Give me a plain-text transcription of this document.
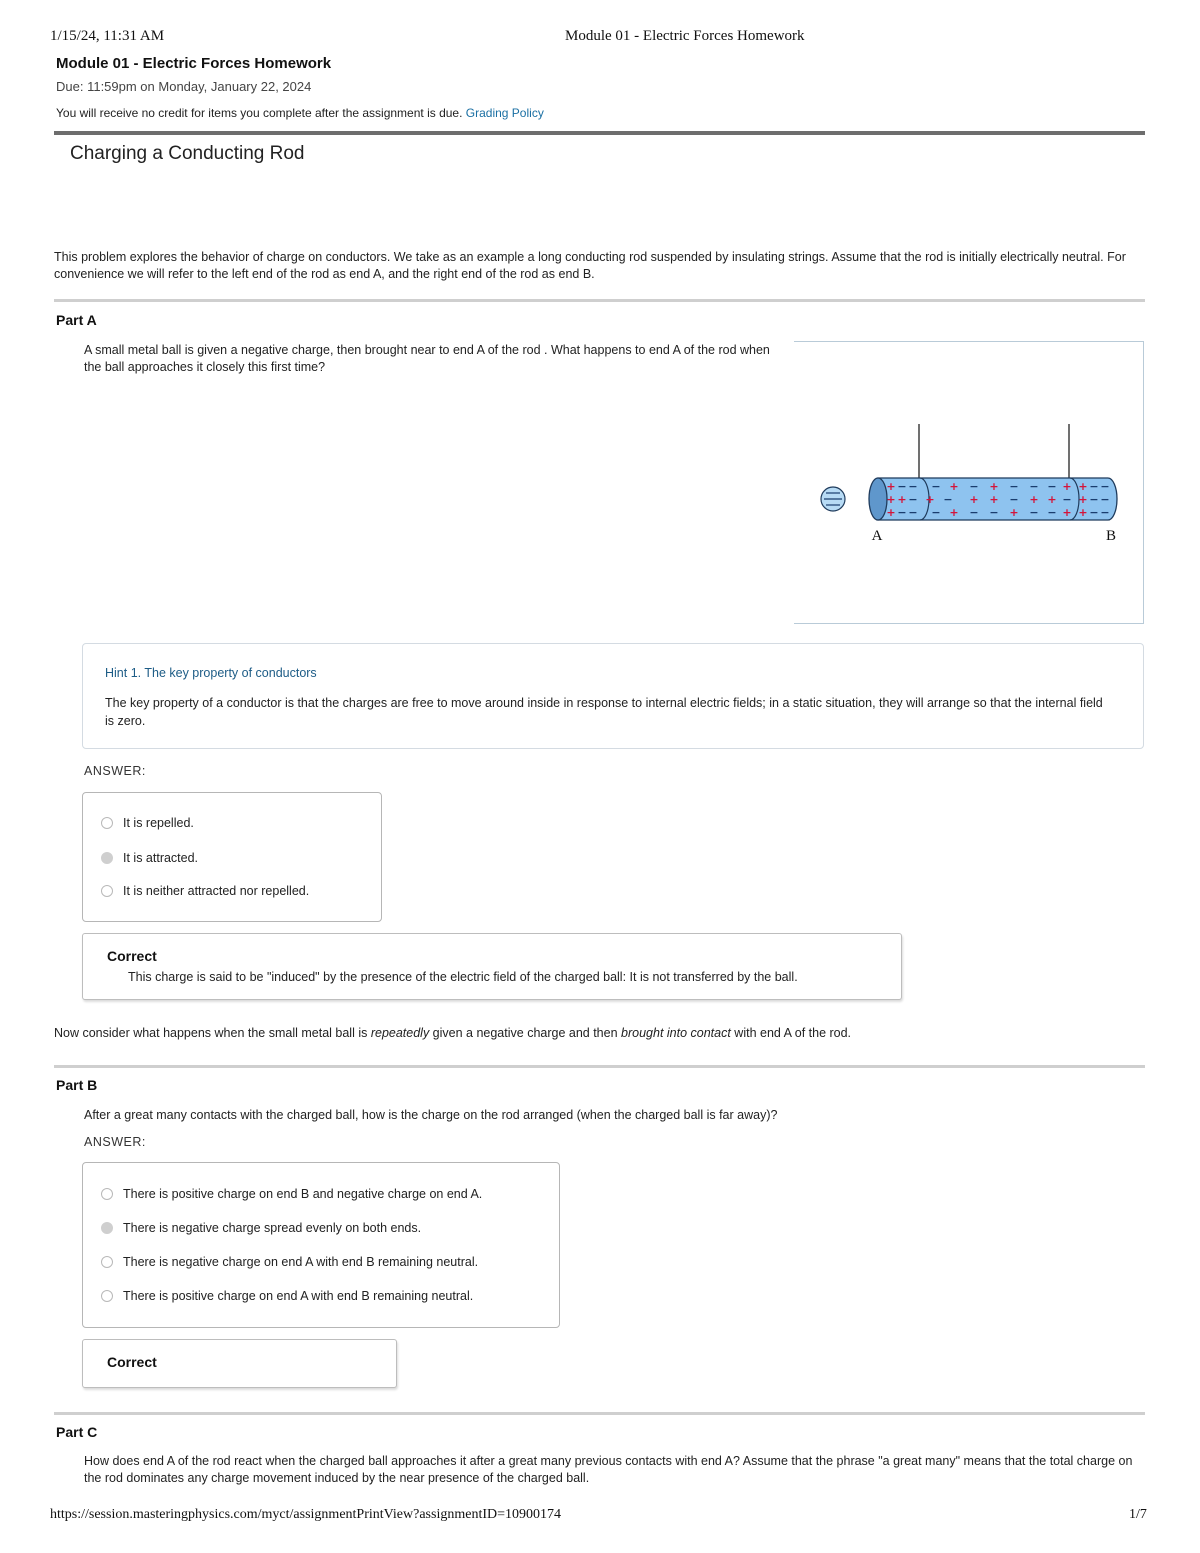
1/15/24, 11:31 AM	Module 01 - Electric Forces Homework
Module 01 - Electric Forces Homework
Due: 11:59pm on Monday, January 22, 2024
You will receive no credit for items you complete after the assignment is due. Grading Policy
Charging a Conducting Rod
This problem explores the behavior of charge on conductors. We take as an example a long conducting rod suspended by insulating strings. Assume that the rod is initially electrically neutral. For convenience we will refer to the left end of the rod as end A, and the right end of the rod as end B.
Part A
A small metal ball is given a negative charge, then brought near to end A of the rod . What happens to end A of the rod when the ball approaches it closely this first time?
+ − −
+ + −
+ − −
− + − + − − − +
+ − + + − + + −
− + − − + − − +
+ − −
+ − −
+ − −
A	B
Hint 1. The key property of conductors
The key property of a conductor is that the charges are free to move around inside in response to internal electric fields; in a static situation, they will arrange so that the internal field is zero.
ANSWER:
It is repelled.
It is attracted.
It is neither attracted nor repelled.
Correct
This charge is said to be "induced" by the presence of the electric field of the charged ball: It is not transferred by the ball.
Now consider what happens when the small metal ball is repeatedly given a negative charge and then brought into contact with end A of the rod.
Part B
After a great many contacts with the charged ball, how is the charge on the rod arranged (when the charged ball is far away)?
ANSWER:
There is positive charge on end B and negative charge on end A.
There is negative charge spread evenly on both ends.
There is negative charge on end A with end B remaining neutral.
There is positive charge on end A with end B remaining neutral.
Correct
Part C
How does end A of the rod react when the charged ball approaches it after a great many previous contacts with end A? Assume that the phrase "a great many" means that the total charge on the rod dominates any charge movement induced by the near presence of the charged ball.
https://session.masteringphysics.com/myct/assignmentPrintView?assignmentID=10900174	1/7
